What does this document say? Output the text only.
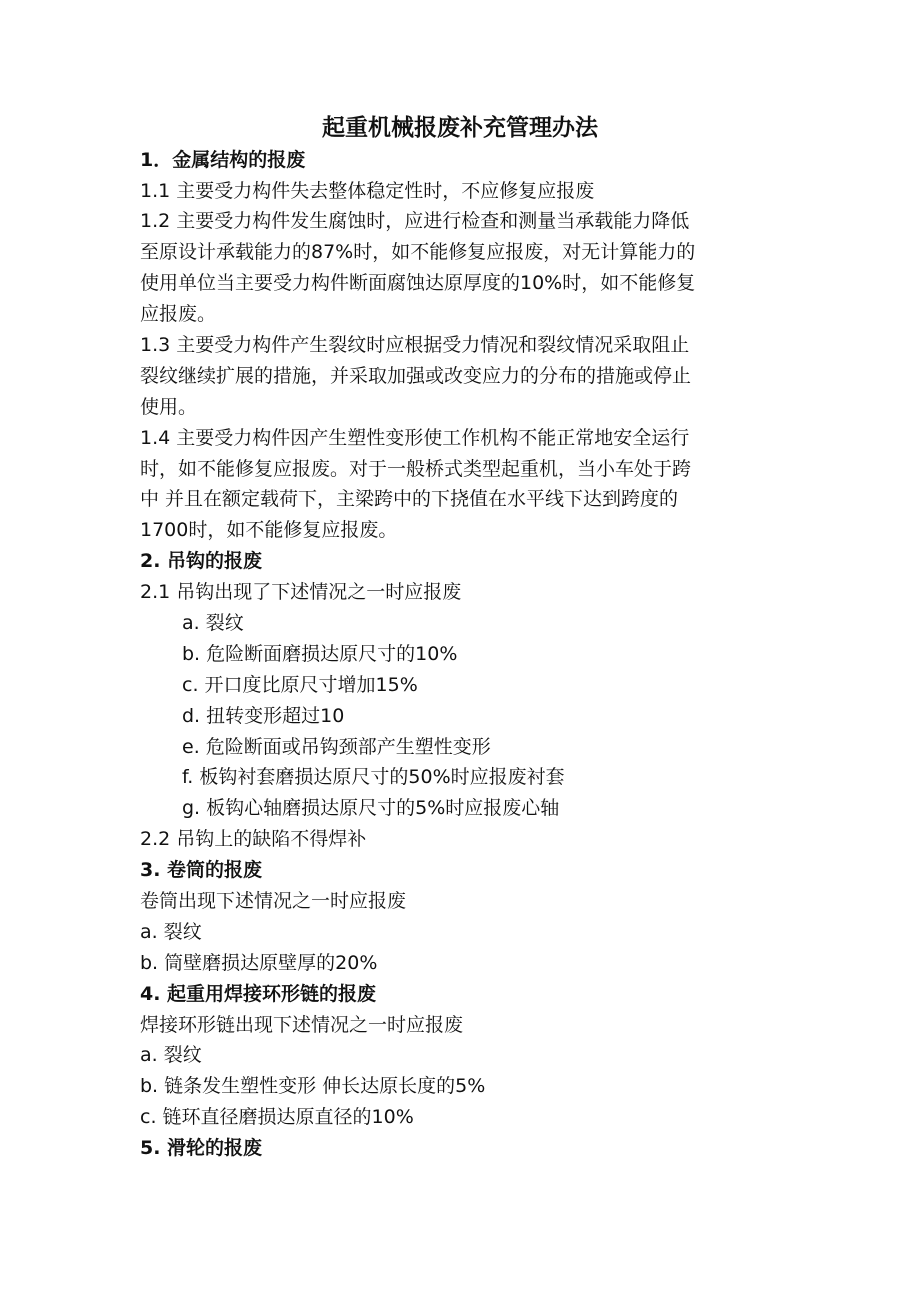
起重机械报废补充管理办法
1．金属结构的报废
1.1 主要受力构件失去整体稳定性时，不应修复应报废
1.2 主要受力构件发生腐蚀时，应进行检查和测量当承载能力降低
至原设计承载能力的87%时，如不能修复应报废，对无计算能力的
使用单位当主要受力构件断面腐蚀达原厚度的10%时，如不能修复
应报废。
1.3 主要受力构件产生裂纹时应根据受力情况和裂纹情况采取阻止
裂纹继续扩展的措施，并采取加强或改变应力的分布的措施或停止
使用。
1.4 主要受力构件因产生塑性变形使工作机构不能正常地安全运行
时，如不能修复应报废。对于一般桥式类型起重机，当小车处于跨
中 并且在额定载荷下，主梁跨中的下挠值在水平线下达到跨度的
1700时，如不能修复应报废。
2. 吊钩的报废
2.1 吊钩出现了下述情况之一时应报废
a. 裂纹
b. 危险断面磨损达原尺寸的10%
c. 开口度比原尺寸增加15%
d. 扭转变形超过10
e. 危险断面或吊钩颈部产生塑性变形
f. 板钩衬套磨损达原尺寸的50%时应报废衬套
g. 板钩心轴磨损达原尺寸的5%时应报废心轴
2.2 吊钩上的缺陷不得焊补
3. 卷筒的报废
卷筒出现下述情况之一时应报废
a. 裂纹
b. 筒壁磨损达原壁厚的20%
4. 起重用焊接环形链的报废
焊接环形链出现下述情况之一时应报废
a. 裂纹
b. 链条发生塑性变形 伸长达原长度的5%
c. 链环直径磨损达原直径的10%
5. 滑轮的报废
